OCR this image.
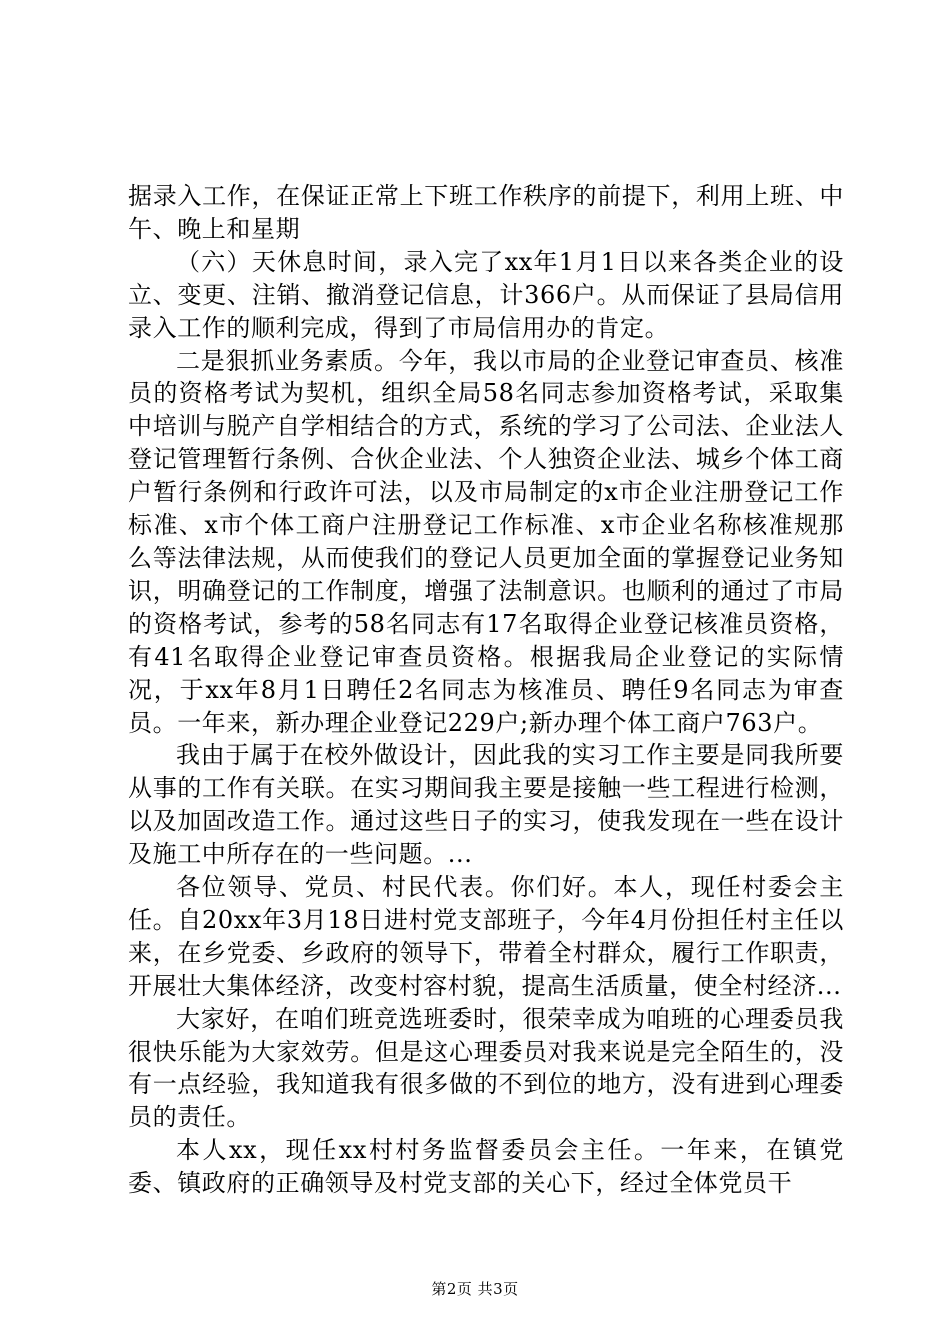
据录入工作，在保证正常上下班工作秩序的前提下，利用上班、中午、晚上和星期

（六）天休息时间，录入完了xx年1月1日以来各类企业的设立、变更、注销、撤消登记信息，计366户。从而保证了县局信用录入工作的顺利完成，得到了市局信用办的肯定。

二是狠抓业务素质。今年，我以市局的企业登记审查员、核准员的资格考试为契机，组织全局58名同志参加资格考试，采取集中培训与脱产自学相结合的方式，系统的学习了公司法、企业法人登记管理暂行条例、合伙企业法、个人独资企业法、城乡个体工商户暂行条例和行政许可法，以及市局制定的x市企业注册登记工作标准、x市个体工商户注册登记工作标准、x市企业名称核准规那么等法律法规，从而使我们的登记人员更加全面的掌握登记业务知识，明确登记的工作制度，增强了法制意识。也顺利的通过了市局的资格考试，参考的58名同志有17名取得企业登记核准员资格，有41名取得企业登记审查员资格。根据我局企业登记的实际情况，于xx年8月1日聘任2名同志为核准员、聘任9名同志为审查员。一年来，新办理企业登记229户;新办理个体工商户763户。

我由于属于在校外做设计，因此我的实习工作主要是同我所要从事的工作有关联。在实习期间我主要是接触一些工程进行检测，以及加固改造工作。通过这些日子的实习，使我发现在一些在设计及施工中所存在的一些问题。...

各位领导、党员、村民代表。你们好。本人，现任村委会主任。自20xx年3月18日进村党支部班子，今年4月份担任村主任以来，在乡党委、乡政府的领导下，带着全村群众，履行工作职责，开展壮大集体经济，改变村容村貌，提高生活质量，使全村经济...

大家好，在咱们班竞选班委时，很荣幸成为咱班的心理委员我很快乐能为大家效劳。但是这心理委员对我来说是完全陌生的，没有一点经验，我知道我有很多做的不到位的地方，没有进到心理委员的责任。

本人xx，现任xx村村务监督委员会主任。一年来，在镇党委、镇政府的正确领导及村党支部的关心下，经过全体党员干

第2页 共3页
